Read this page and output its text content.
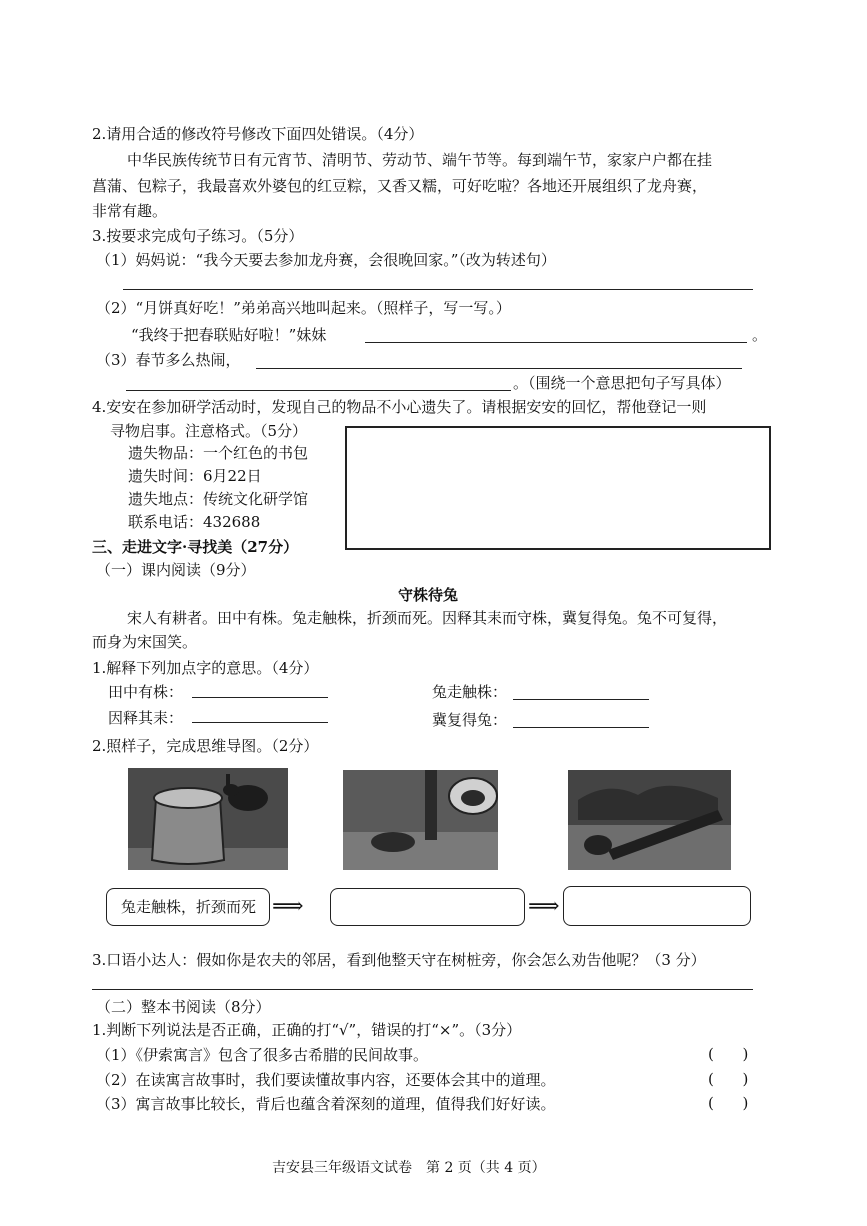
2.请用合适的修改符号修改下面四处错误。（4分）
中华民族传统节日有元宵节、清明节、劳动节、端午节等。每到端午节，家家户户都在挂
菖蒲、包粽子，我最喜欢外婆包的红豆粽，又香又糯，可好吃啦？各地还开展组织了龙舟赛，
非常有趣。
3.按要求完成句子练习。（5分）
（1）妈妈说：“我今天要去参加龙舟赛，会很晚回家。”（改为转述句）
（2）“月饼真好吃！”弟弟高兴地叫起来。（照样子，写一写。）
“我终于把春联贴好啦！”妹妹	。
（3）春节多么热闹，
。（围绕一个意思把句子写具体）
4.安安在参加研学活动时，发现自己的物品不小心遗失了。请根据安安的回忆，帮他登记一则
寻物启事。注意格式。（5分）
遗失物品：一个红色的书包
遗失时间：6月22日
遗失地点：传统文化研学馆
联系电话：432688
三、走进文字·寻找美（27分）
（一）课内阅读（9分）
守株待兔
宋人有耕者。田中有株。兔走触株，折颈而死。因释其耒而守株，冀复得兔。兔不可复得，
而身为宋国笑。
1.解释下列加点字的意思。（4分）
田中有株：	兔走触株：
因释其耒：	冀复得兔：
2.照样子，完成思维导图。（2分）
兔走触株，折颈而死 ⟹	⟹
3.口语小达人：假如你是农夫的邻居，看到他整天守在树桩旁，你会怎么劝告他呢？（3 分）
（二）整本书阅读（8分）
1.判断下列说法是否正确，正确的打“√”，错误的打“×”。（3分）
（1）《伊索寓言》包含了很多古希腊的民间故事。	(      )
（2）在读寓言故事时，我们要读懂故事内容，还要体会其中的道理。	(      )
（3）寓言故事比较长，背后也蕴含着深刻的道理，值得我们好好读。	(      )
吉安县三年级语文试卷　第 2 页（共 4 页）
